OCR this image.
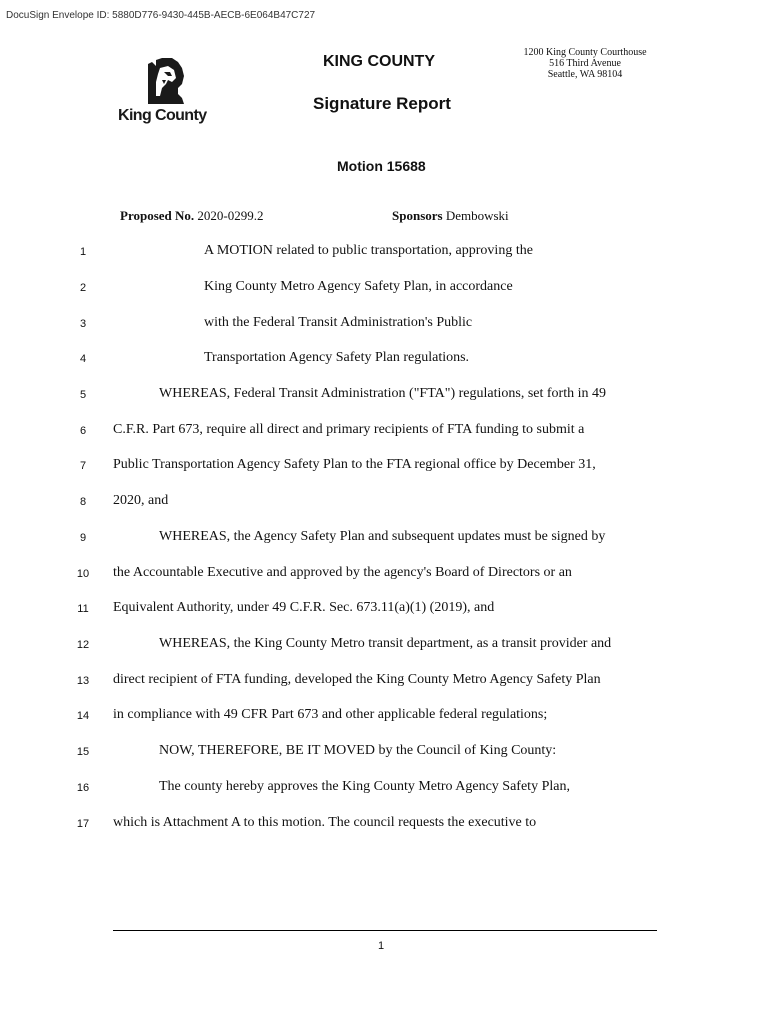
DocuSign Envelope ID: 5880D776-9430-445B-AECB-6E064B47C727
King County
KING COUNTY
Signature Report
1200 King County Courthouse
516 Third Avenue
Seattle, WA 98104
Motion 15688
Proposed No. 2020-0299.2	Sponsors Dembowski
1	A MOTION related to public transportation, approving the
2	King County Metro Agency Safety Plan, in accordance
3	with the Federal Transit Administration's Public
4	Transportation Agency Safety Plan regulations.
5	WHEREAS, Federal Transit Administration ("FTA") regulations, set forth in 49
6	C.F.R. Part 673, require all direct and primary recipients of FTA funding to submit a
7	Public Transportation Agency Safety Plan to the FTA regional office by December 31,
8	2020, and
9	WHEREAS, the Agency Safety Plan and subsequent updates must be signed by
10	the Accountable Executive and approved by the agency's Board of Directors or an
11	Equivalent Authority, under 49 C.F.R. Sec. 673.11(a)(1) (2019), and
12	WHEREAS, the King County Metro transit department, as a transit provider and
13	direct recipient of FTA funding, developed the King County Metro Agency Safety Plan
14	in compliance with 49 CFR Part 673 and other applicable federal regulations;
15	NOW, THEREFORE, BE IT MOVED by the Council of King County:
16	The county hereby approves the King County Metro Agency Safety Plan,
17	which is Attachment A to this motion. The council requests the executive to
1
